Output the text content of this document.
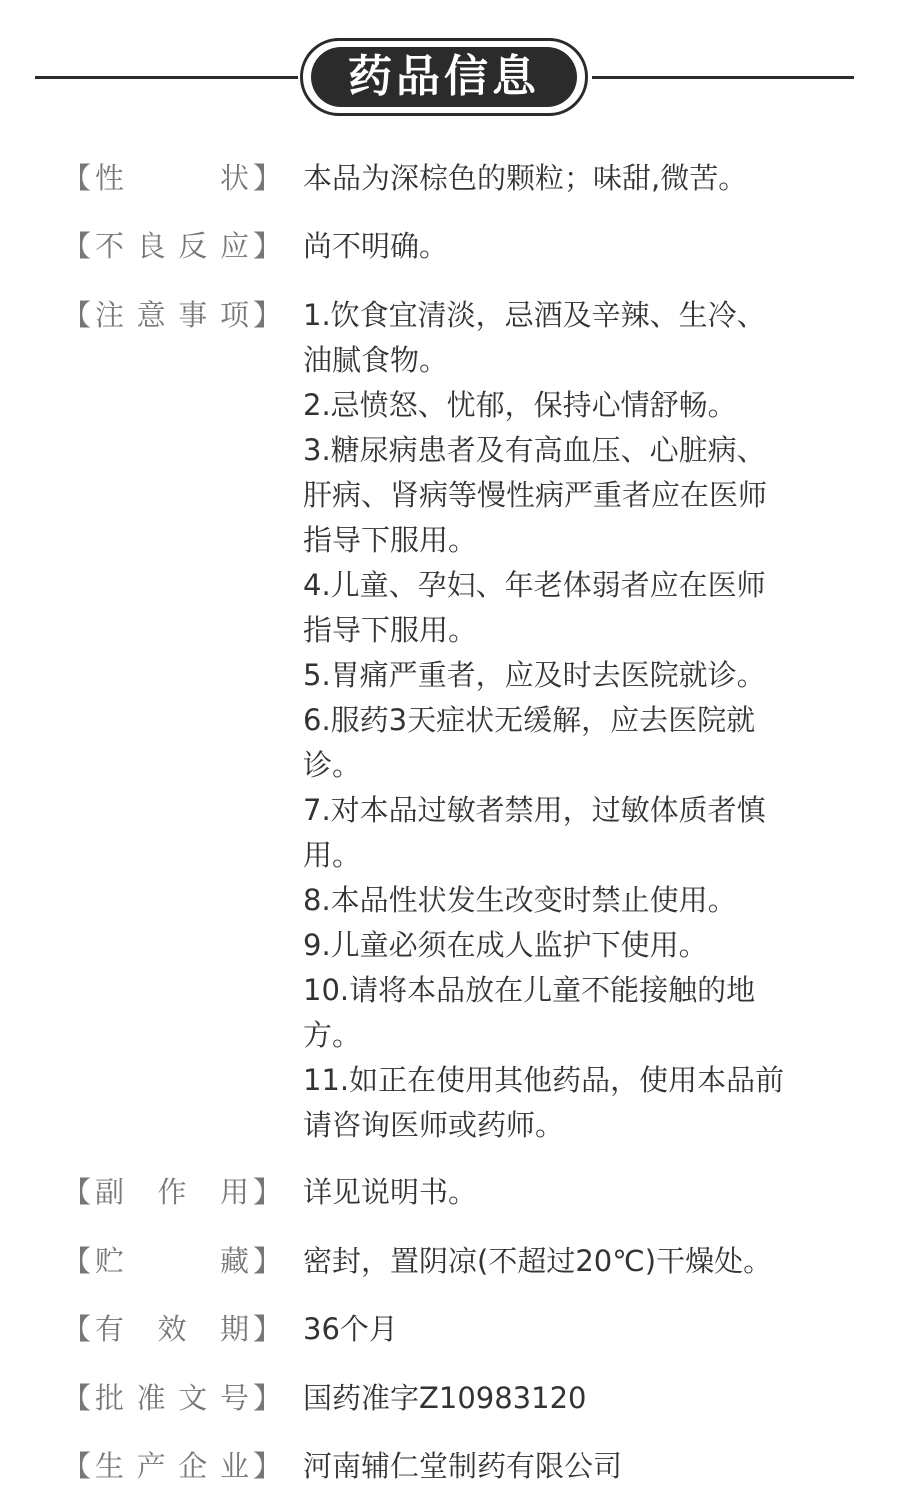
药品信息
【 性	状 】 本品为深棕色的颗粒；味甜,微苦。
【 不 良 反 应 】 尚不明确。
【 注 意 事 项 】 1.饮食宜清淡，忌酒及辛辣、生冷、
油腻食物。
2.忌愤怒、忧郁，保持心情舒畅。
3.糖尿病患者及有高血压、心脏病、
肝病、肾病等慢性病严重者应在医师
指导下服用。
4.儿童、孕妇、年老体弱者应在医师
指导下服用。
5.胃痛严重者，应及时去医院就诊。
6.服药3天症状无缓解，应去医院就
诊。
7.对本品过敏者禁用，过敏体质者慎
用。
8.本品性状发生改变时禁止使用。
9.儿童必须在成人监护下使用。
10.请将本品放在儿童不能接触的地
方。
11.如正在使用其他药品，使用本品前
请咨询医师或药师。
【 副 作 用 】 详见说明书。
【 贮	藏 】 密封，置阴凉(不超过20℃)干燥处。
【 有 效 期 】 36个月
【 批 准 文 号 】 国药准字Z10983120
【 生 产 企 业 】 河南辅仁堂制药有限公司
